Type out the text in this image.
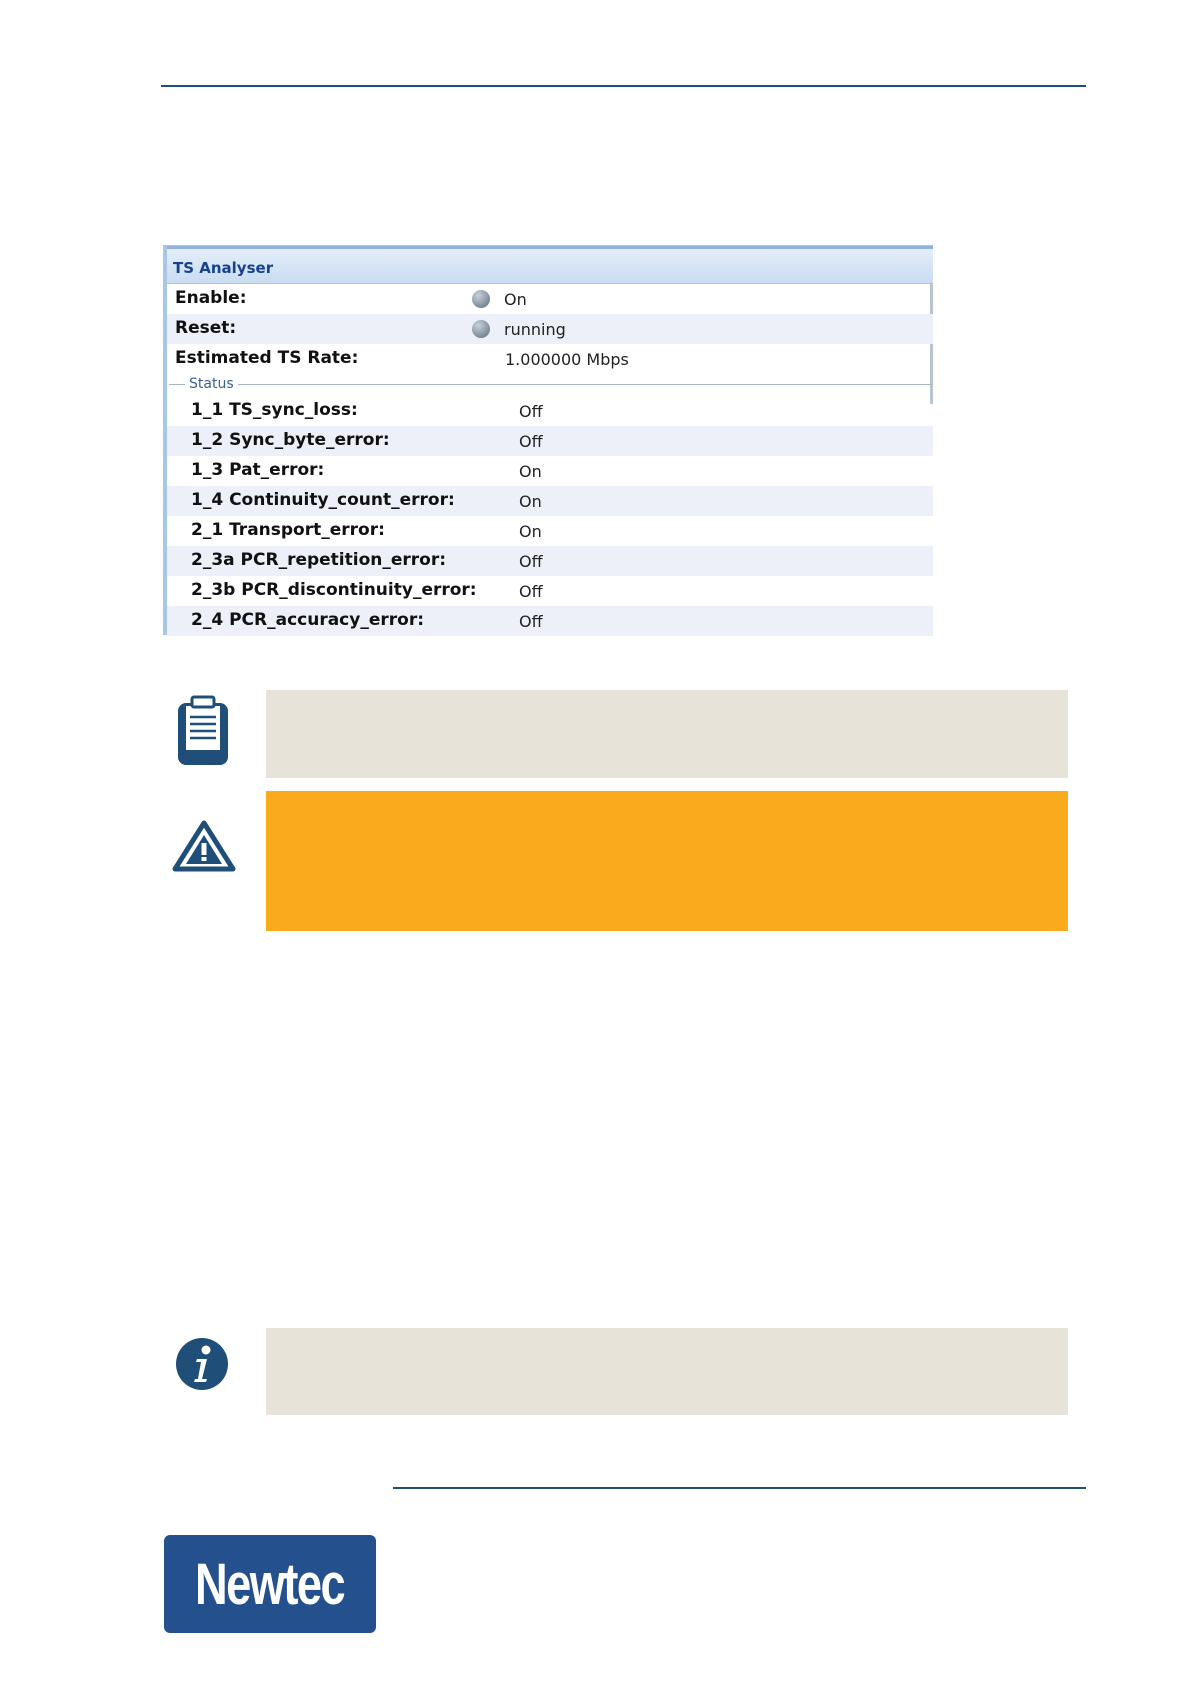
TS Analyser
Enable:	On
Reset:	running
Estimated TS Rate:	1.000000 Mbps
Status
1_1 TS_sync_loss:	Off
1_2 Sync_byte_error:	Off
1_3 Pat_error:	On
1_4 Continuity_count_error:	On
2_1 Transport_error:	On
2_3a PCR_repetition_error:	Off
2_3b PCR_discontinuity_error:	Off
2_4 PCR_accuracy_error:	Off
Newtec
